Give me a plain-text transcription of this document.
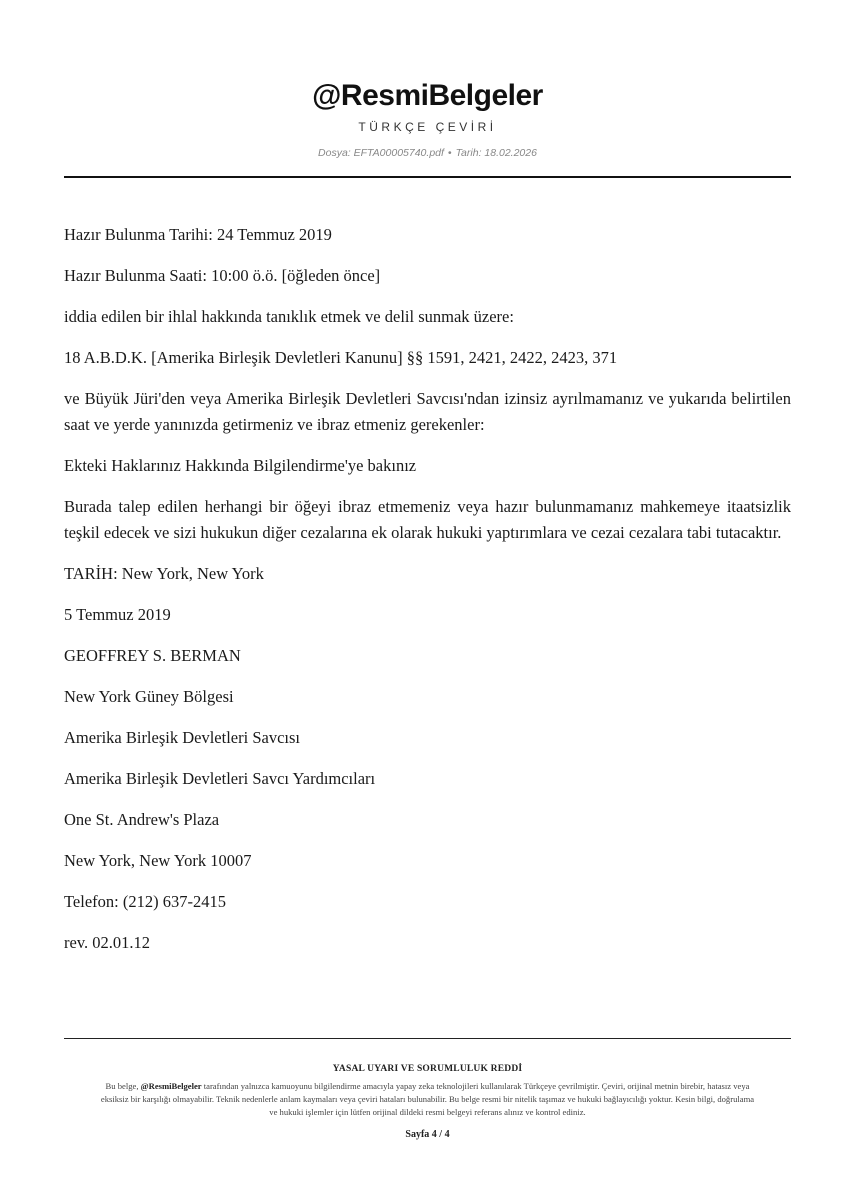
@ResmiBelgeler
TÜRKÇE ÇEVİRİ
Dosya: EFTA00005740.pdf • Tarih: 18.02.2026

Hazır Bulunma Tarihi: 24 Temmuz 2019

Hazır Bulunma Saati: 10:00 ö.ö. [öğleden önce]

iddia edilen bir ihlal hakkında tanıklık etmek ve delil sunmak üzere:

18 A.B.D.K. [Amerika Birleşik Devletleri Kanunu] §§ 1591, 2421, 2422, 2423, 371

ve Büyük Jüri'den veya Amerika Birleşik Devletleri Savcısı'ndan izinsiz ayrılmamanız ve yukarıda belirtilen saat ve yerde yanınızda getirmeniz ve ibraz etmeniz gerekenler:

Ekteki Haklarınız Hakkında Bilgilendirme'ye bakınız

Burada talep edilen herhangi bir öğeyi ibraz etmemeniz veya hazır bulunmamanız mahkemeye itaatsizlik teşkil edecek ve sizi hukukun diğer cezalarına ek olarak hukuki yaptırımlara ve cezai cezalara tabi tutacaktır.

TARİH: New York, New York

5 Temmuz 2019

GEOFFREY S. BERMAN

New York Güney Bölgesi

Amerika Birleşik Devletleri Savcısı

Amerika Birleşik Devletleri Savcı Yardımcıları

One St. Andrew's Plaza

New York, New York 10007

Telefon: (212) 637-2415

rev. 02.01.12

YASAL UYARI VE SORUMLULUK REDDİ
Bu belge, @ResmiBelgeler tarafından yalnızca kamuoyunu bilgilendirme amacıyla yapay zeka teknolojileri kullanılarak Türkçeye çevrilmiştir. Çeviri, orijinal metnin birebir, hatasız veya eksiksiz bir karşılığı olmayabilir. Teknik nedenlerle anlam kaymaları veya çeviri hataları bulunabilir. Bu belge resmi bir nitelik taşımaz ve hukuki bağlayıcılığı yoktur. Kesin bilgi, doğrulama ve hukuki işlemler için lütfen orijinal dildeki resmi belgeyi referans alınız ve kontrol ediniz.
Sayfa 4 / 4
